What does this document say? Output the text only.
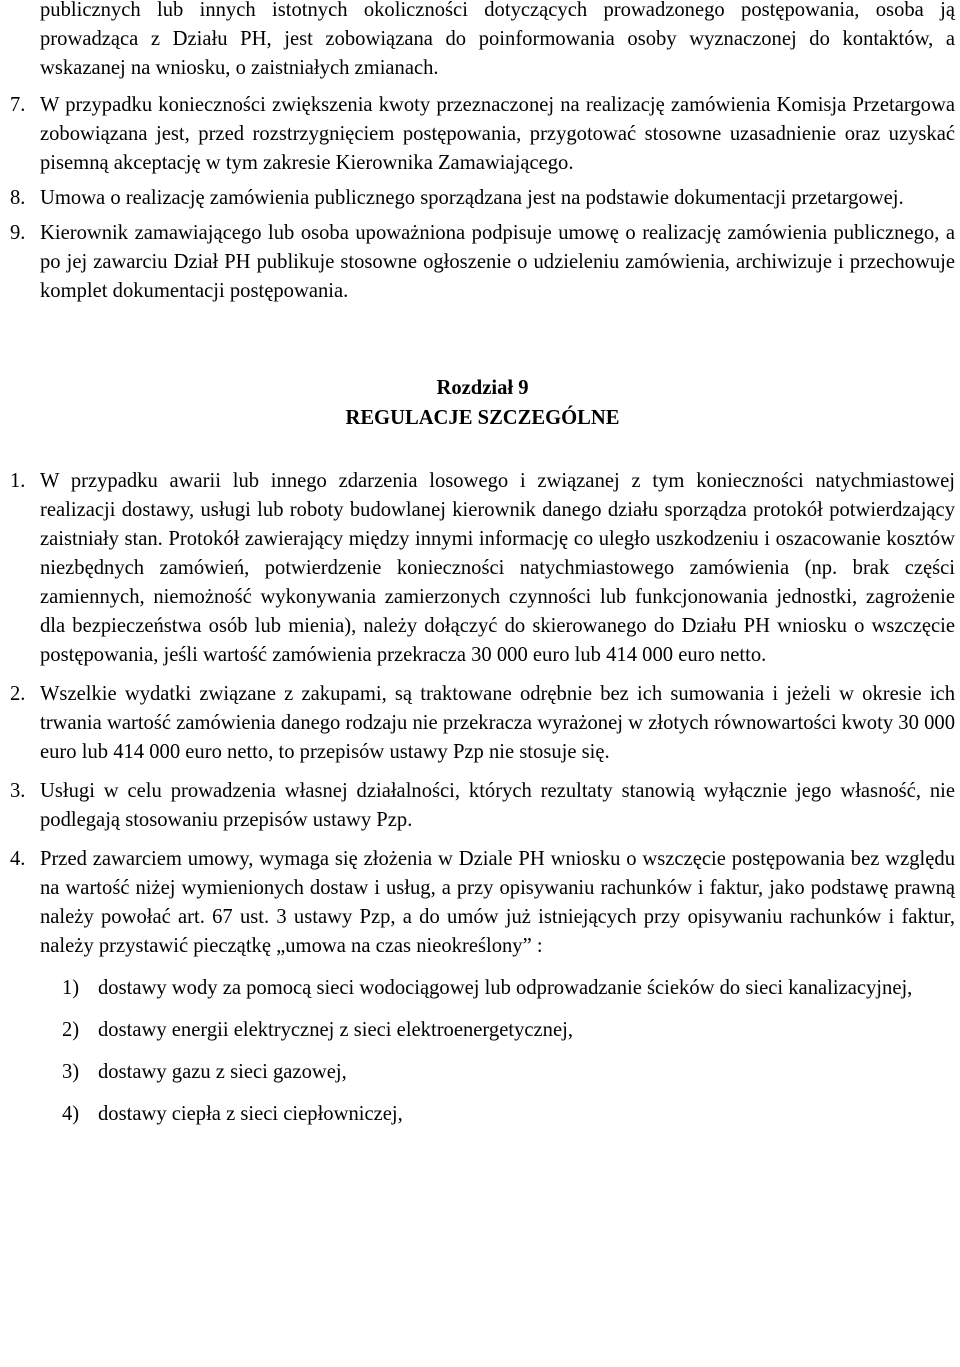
publicznych lub innych istotnych okoliczności dotyczących prowadzonego postępowania, osoba ją prowadząca z Działu PH, jest zobowiązana do poinformowania osoby wyznaczonej do kontaktów, a wskazanej na wniosku, o zaistniałych zmianach.

7. W przypadku konieczności zwiększenia kwoty przeznaczonej na realizację zamówienia Komisja Przetargowa zobowiązana jest, przed rozstrzygnięciem postępowania, przygotować stosowne uzasadnienie oraz uzyskać pisemną akceptację w tym zakresie Kierownika Zamawiającego.
8. Umowa o realizację zamówienia publicznego sporządzana jest na podstawie dokumentacji przetargowej.
9. Kierownik zamawiającego lub osoba upoważniona podpisuje umowę o realizację zamówienia publicznego, a po jej zawarciu Dział PH publikuje stosowne ogłoszenie o udzieleniu zamówienia, archiwizuje i przechowuje komplet dokumentacji postępowania.

Rozdział 9

REGULACJE SZCZEGÓLNE

1. W przypadku awarii lub innego zdarzenia losowego i związanej z tym konieczności natychmiastowej realizacji dostawy, usługi lub roboty budowlanej kierownik danego działu sporządza protokół potwierdzający zaistniały stan. Protokół zawierający między innymi informację co uległo uszkodzeniu i oszacowanie kosztów niezbędnych zamówień, potwierdzenie konieczności natychmiastowego zamówienia (np. brak części zamiennych, niemożność wykonywania zamierzonych czynności lub funkcjonowania jednostki, zagrożenie dla bezpieczeństwa osób lub mienia), należy dołączyć do skierowanego do Działu PH wniosku o wszczęcie postępowania, jeśli wartość zamówienia przekracza 30 000 euro lub 414 000 euro netto.
2. Wszelkie wydatki związane z zakupami, są traktowane odrębnie bez ich sumowania i jeżeli w okresie ich trwania wartość zamówienia danego rodzaju nie przekracza wyrażonej w złotych równowartości kwoty 30 000 euro lub 414 000 euro netto, to przepisów ustawy Pzp nie stosuje się.
3. Usługi w celu prowadzenia własnej działalności, których rezultaty stanowią wyłącznie jego własność, nie podlegają stosowaniu przepisów ustawy Pzp.
4. Przed zawarciem umowy, wymaga się złożenia w Dziale PH wniosku o wszczęcie postępowania bez względu na wartość niżej wymienionych dostaw i usług, a przy opisywaniu rachunków i faktur, jako podstawę prawną należy powołać art. 67 ust. 3 ustawy Pzp, a do umów już istniejących przy opisywaniu rachunków i faktur, należy przystawić pieczątkę „umowa na czas nieokreślony” :
1) dostawy wody za pomocą sieci wodociągowej lub odprowadzanie ścieków do sieci kanalizacyjnej,
2) dostawy energii elektrycznej z sieci elektroenergetycznej,
3) dostawy gazu z sieci gazowej,
4) dostawy ciepła z sieci ciepłowniczej,
